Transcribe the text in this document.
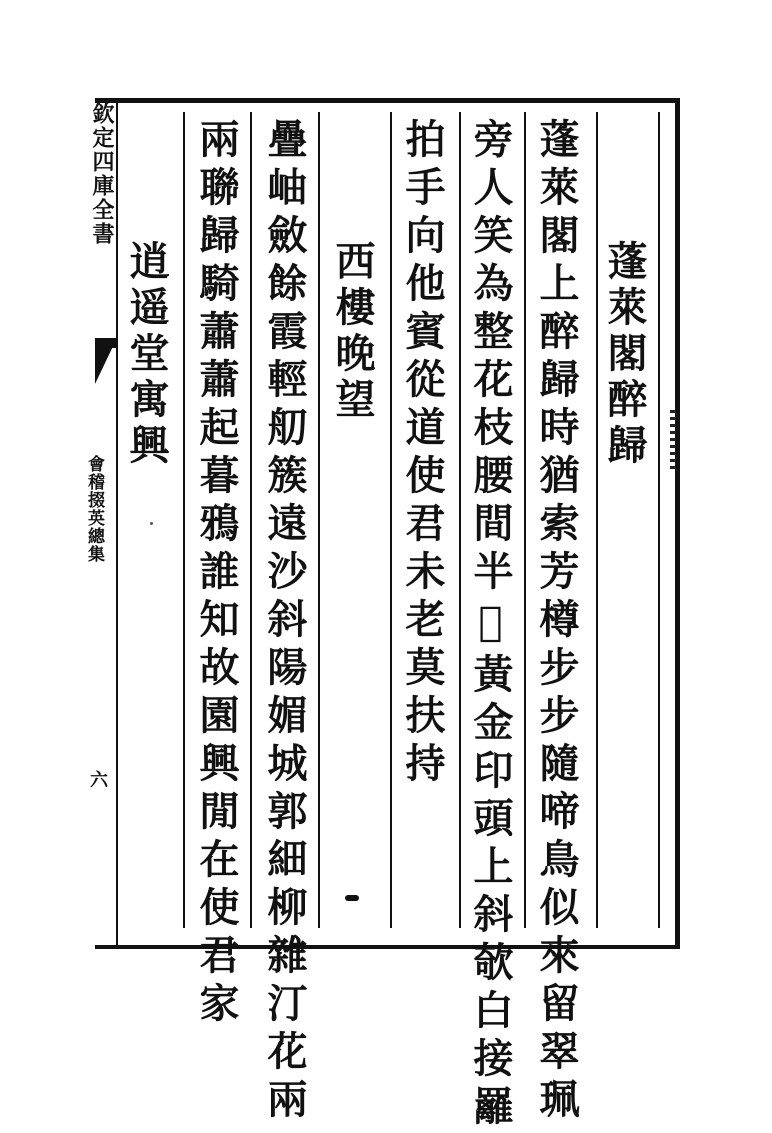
欽定四庫全書
會稽掇英總集
六
蓬萊閣醉歸
蓬萊閣上醉歸時猶索芳樽步步隨啼鳥似來留翠珮
旁人笑為整花枝腰間半𢾾黃金印頭上斜欹白接䍦
拍手向他賓從道使君未老莫扶持
西樓晚望
疊岫斂餘霞輕舠簇遠沙斜陽媚城郭細柳雜汀花兩
兩聯歸騎蕭蕭起暮鴉誰知故園興閒在使君家
逍遥堂寓興
